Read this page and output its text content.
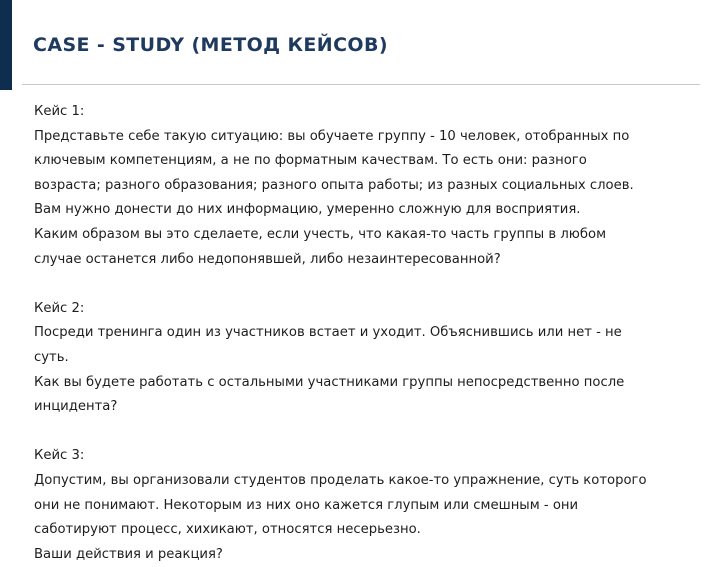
CASE - STUDY (МЕТОД КЕЙСОВ)
Кейс 1:
Представьте себе такую ситуацию: вы обучаете группу - 10 человек, отобранных по
ключевым компетенциям, а не по форматным качествам. То есть они: разного
возраста; разного образования; разного опыта работы; из разных социальных слоев.
Вам нужно донести до них информацию, умеренно сложную для восприятия.
Каким образом вы это сделаете, если учесть, что какая-то часть группы в любом
случае останется либо недопонявшей, либо незаинтересованной?
Кейс 2:
Посреди тренинга один из участников встает и уходит. Объяснившись или нет - не
суть.
Как вы будете работать с остальными участниками группы непосредственно после
инцидента?
Кейс 3:
Допустим, вы организовали студентов проделать какое-то упражнение, суть которого
они не понимают. Некоторым из них оно кажется глупым или смешным - они
саботируют процесс, хихикают, относятся несерьезно.
Ваши действия и реакция?
